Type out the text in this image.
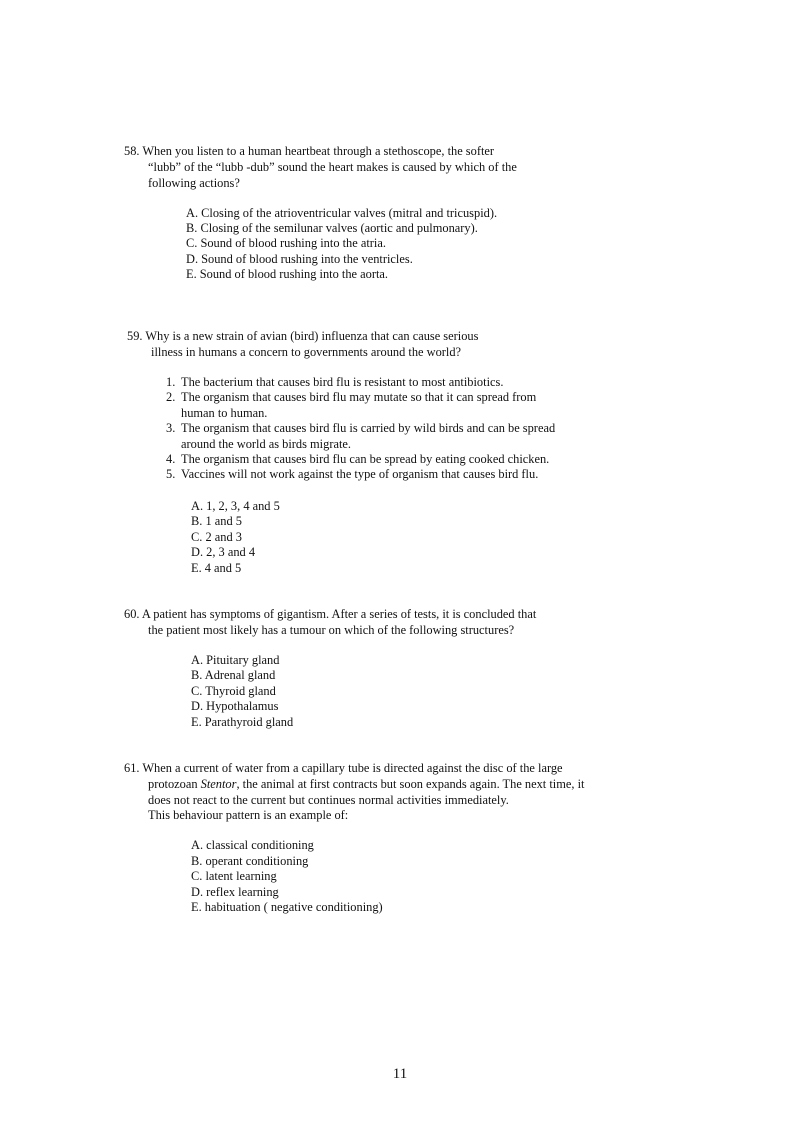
58. When you listen to a human heartbeat through a stethoscope, the softer
“lubb” of the “lubb -dub” sound the heart makes is caused by which of the
following actions?
A. Closing of the atrioventricular valves (mitral and tricuspid).
B. Closing of the semilunar valves (aortic and pulmonary).
C. Sound of blood rushing into the atria.
D. Sound of blood rushing into the ventricles.
E. Sound of blood rushing into the aorta.
59. Why is a new strain of avian (bird) influenza that can cause serious
illness in humans a concern to governments around the world?
1. The bacterium that causes bird flu is resistant to most antibiotics.
2. The organism that causes bird flu may mutate so that it can spread from
human to human.
3. The organism that causes bird flu is carried by wild birds and can be spread
around the world as birds migrate.
4. The organism that causes bird flu can be spread by eating cooked chicken.
5. Vaccines will not work against the type of organism that causes bird flu.
A. 1, 2, 3, 4 and 5
B. 1 and 5
C. 2 and 3
D. 2, 3 and 4
E. 4 and 5
60. A patient has symptoms of gigantism. After a series of tests, it is concluded that
the patient most likely has a tumour on which of the following structures?
A. Pituitary gland
B. Adrenal gland
C. Thyroid gland
D. Hypothalamus
E. Parathyroid gland
61. When a current of water from a capillary tube is directed against the disc of the large
protozoan Stentor, the animal at first contracts but soon expands again. The next time, it
does not react to the current but continues normal activities immediately.
This behaviour pattern is an example of:
A. classical conditioning
B. operant conditioning
C. latent learning
D. reflex learning
E. habituation ( negative conditioning)
11
